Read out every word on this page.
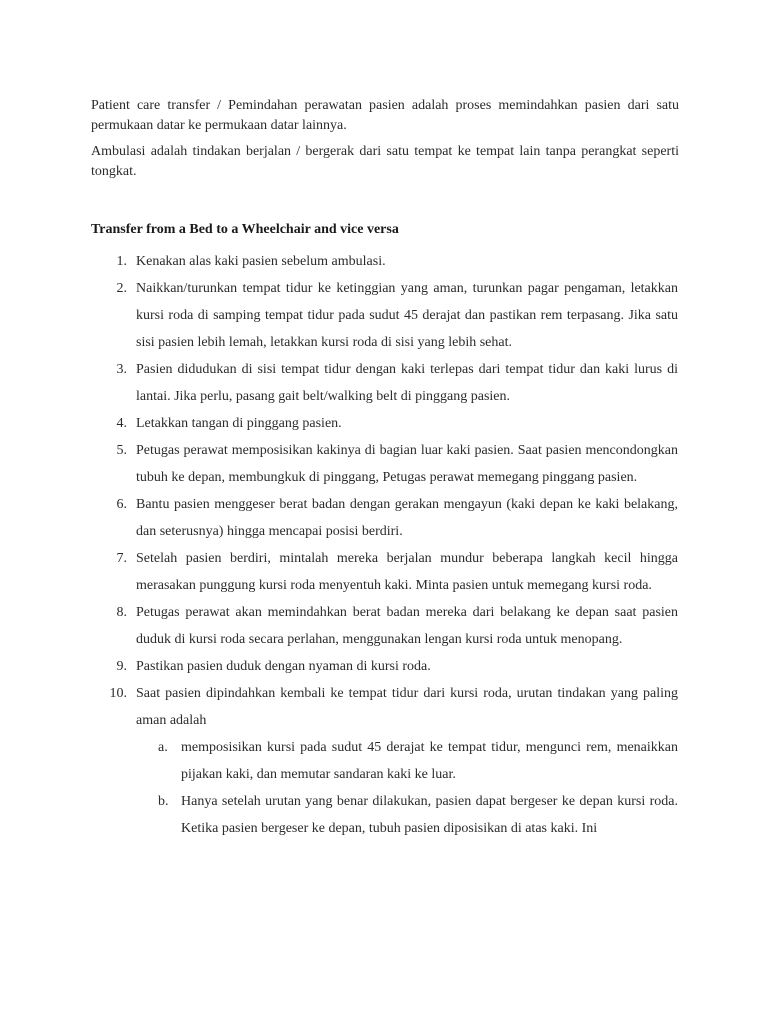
Patient care transfer / Pemindahan perawatan pasien adalah proses memindahkan pasien dari satu permukaan datar ke permukaan datar lainnya.
Ambulasi adalah tindakan berjalan / bergerak dari satu tempat ke tempat lain tanpa perangkat seperti tongkat.
Transfer from a Bed to a Wheelchair and vice versa
1. Kenakan alas kaki pasien sebelum ambulasi.
2. Naikkan/turunkan tempat tidur ke ketinggian yang aman, turunkan pagar pengaman, letakkan kursi roda di samping tempat tidur pada sudut 45 derajat dan pastikan rem terpasang. Jika satu sisi pasien lebih lemah, letakkan kursi roda di sisi yang lebih sehat.
3. Pasien didudukan di sisi tempat tidur dengan kaki terlepas dari tempat tidur dan kaki lurus di lantai. Jika perlu, pasang gait belt/walking belt di pinggang pasien.
4. Letakkan tangan di pinggang pasien.
5. Petugas perawat memposisikan kakinya di bagian luar kaki pasien. Saat pasien mencondongkan tubuh ke depan, membungkuk di pinggang, Petugas perawat memegang pinggang pasien.
6. Bantu pasien menggeser berat badan dengan gerakan mengayun (kaki depan ke kaki belakang, dan seterusnya) hingga mencapai posisi berdiri.
7. Setelah pasien berdiri, mintalah mereka berjalan mundur beberapa langkah kecil hingga merasakan punggung kursi roda menyentuh kaki. Minta pasien untuk memegang kursi roda.
8. Petugas perawat akan memindahkan berat badan mereka dari belakang ke depan saat pasien duduk di kursi roda secara perlahan, menggunakan lengan kursi roda untuk menopang.
9. Pastikan pasien duduk dengan nyaman di kursi roda.
10. Saat pasien dipindahkan kembali ke tempat tidur dari kursi roda, urutan tindakan yang paling aman adalah
a. memposisikan kursi pada sudut 45 derajat ke tempat tidur, mengunci rem, menaikkan pijakan kaki, dan memutar sandaran kaki ke luar.
b. Hanya setelah urutan yang benar dilakukan, pasien dapat bergeser ke depan kursi roda. Ketika pasien bergeser ke depan, tubuh pasien diposisikan di atas kaki. Ini
